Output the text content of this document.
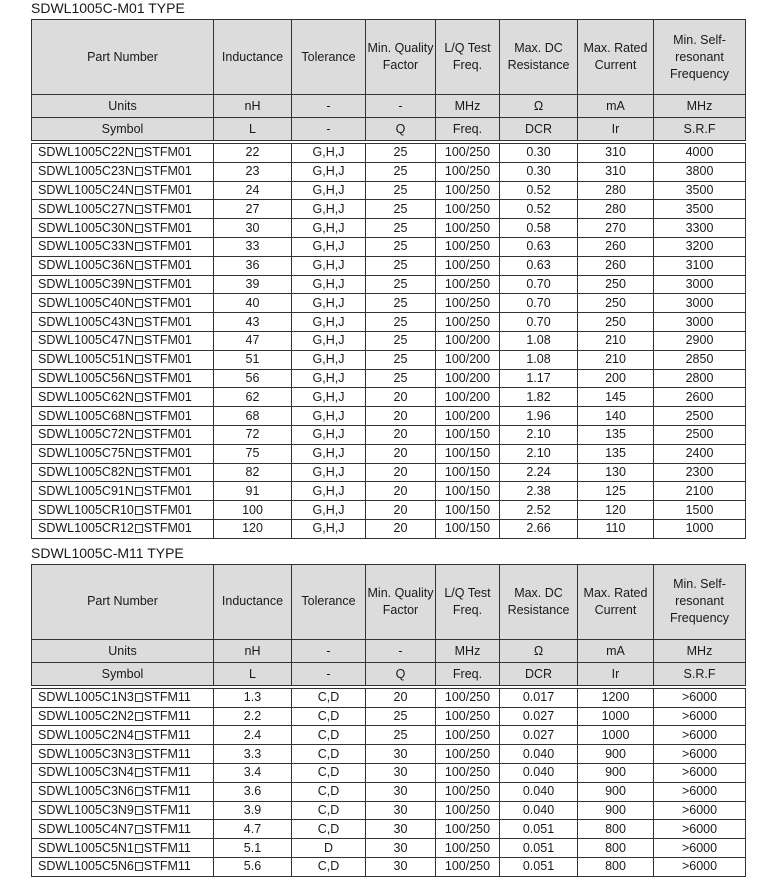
SDWL1005C-M01 TYPE
Part Number	Inductance	Tolerance	Min. Quality Factor	L/Q Test Freq.	Max. DC Resistance	Max. Rated Current	Min. Self-resonant Frequency
Units	nH	-	-	MHz	Ω	mA	MHz
Symbol	L	-	Q	Freq.	DCR	Ir	S.R.F

SDWL1005C22N STFM01	22	G,H,J	25	100/250	0.30	310	4000
SDWL1005C23N STFM01	23	G,H,J	25	100/250	0.30	310	3800
SDWL1005C24N STFM01	24	G,H,J	25	100/250	0.52	280	3500
SDWL1005C27N STFM01	27	G,H,J	25	100/250	0.52	280	3500
SDWL1005C30N STFM01	30	G,H,J	25	100/250	0.58	270	3300
SDWL1005C33N STFM01	33	G,H,J	25	100/250	0.63	260	3200
SDWL1005C36N STFM01	36	G,H,J	25	100/250	0.63	260	3100
SDWL1005C39N STFM01	39	G,H,J	25	100/250	0.70	250	3000
SDWL1005C40N STFM01	40	G,H,J	25	100/250	0.70	250	3000
SDWL1005C43N STFM01	43	G,H,J	25	100/250	0.70	250	3000
SDWL1005C47N STFM01	47	G,H,J	25	100/200	1.08	210	2900
SDWL1005C51N STFM01	51	G,H,J	25	100/200	1.08	210	2850
SDWL1005C56N STFM01	56	G,H,J	25	100/200	1.17	200	2800
SDWL1005C62N STFM01	62	G,H,J	20	100/200	1.82	145	2600
SDWL1005C68N STFM01	68	G,H,J	20	100/200	1.96	140	2500
SDWL1005C72N STFM01	72	G,H,J	20	100/150	2.10	135	2500
SDWL1005C75N STFM01	75	G,H,J	20	100/150	2.10	135	2400
SDWL1005C82N STFM01	82	G,H,J	20	100/150	2.24	130	2300
SDWL1005C91N STFM01	91	G,H,J	20	100/150	2.38	125	2100
SDWL1005CR10 STFM01	100	G,H,J	20	100/150	2.52	120	1500
SDWL1005CR12 STFM01	120	G,H,J	20	100/150	2.66	110	1000
SDWL1005C-M11 TYPE
Part Number	Inductance	Tolerance	Min. Quality Factor	L/Q Test Freq.	Max. DC Resistance	Max. Rated Current	Min. Self-resonant Frequency
Units	nH	-	-	MHz	Ω	mA	MHz
Symbol	L	-	Q	Freq.	DCR	Ir	S.R.F

SDWL1005C1N3 STFM11	1.3	C,D	20	100/250	0.017	1200	>6000
SDWL1005C2N2 STFM11	2.2	C,D	25	100/250	0.027	1000	>6000
SDWL1005C2N4 STFM11	2.4	C,D	25	100/250	0.027	1000	>6000
SDWL1005C3N3 STFM11	3.3	C,D	30	100/250	0.040	900	>6000
SDWL1005C3N4 STFM11	3.4	C,D	30	100/250	0.040	900	>6000
SDWL1005C3N6 STFM11	3.6	C,D	30	100/250	0.040	900	>6000
SDWL1005C3N9 STFM11	3.9	C,D	30	100/250	0.040	900	>6000
SDWL1005C4N7 STFM11	4.7	C,D	30	100/250	0.051	800	>6000
SDWL1005C5N1 STFM11	5.1	D	30	100/250	0.051	800	>6000
SDWL1005C5N6 STFM11	5.6	C,D	30	100/250	0.051	800	>6000
